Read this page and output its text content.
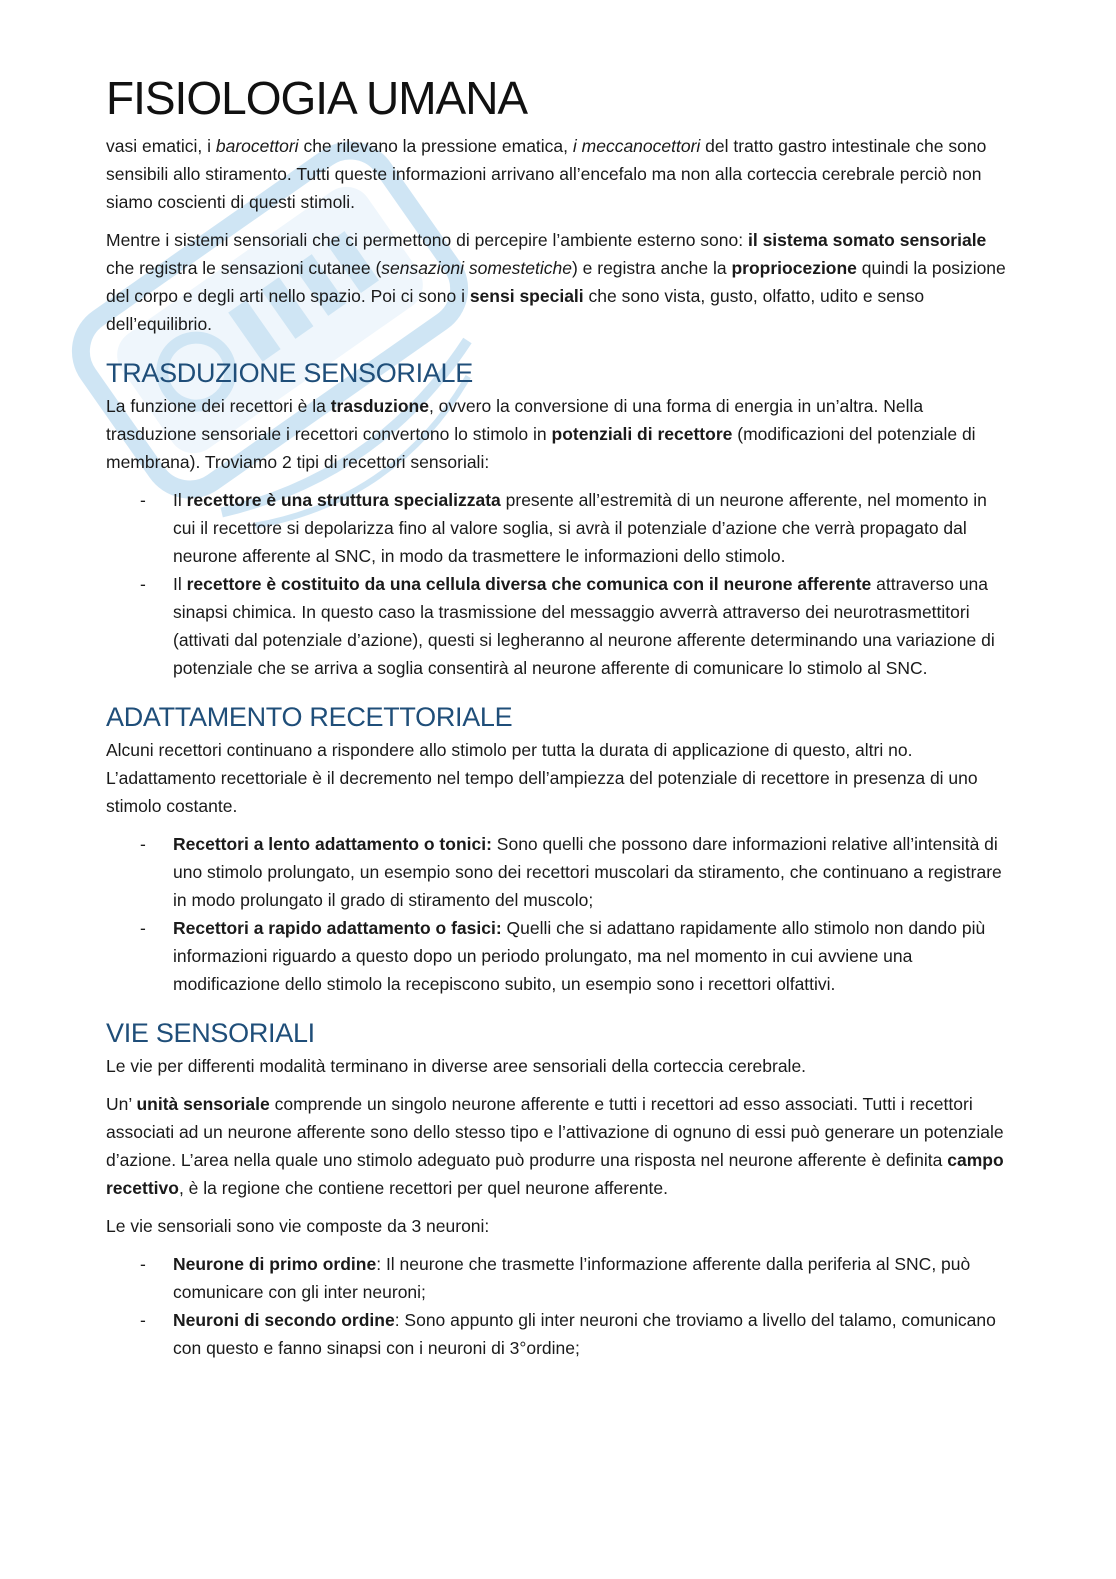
FISIOLOGIA UMANA

vasi ematici, i barocettori che rilevano la pressione ematica, i meccanocettori del tratto gastro intestinale che sono sensibili allo stiramento. Tutti queste informazioni arrivano all’encefalo ma non alla corteccia cerebrale perciò non siamo coscienti di questi stimoli.

Mentre i sistemi sensoriali che ci permettono di percepire l’ambiente esterno sono: il sistema somato sensoriale che registra le sensazioni cutanee (sensazioni somestetiche) e registra anche la propriocezione quindi la posizione del corpo e degli arti nello spazio. Poi ci sono i sensi speciali che sono vista, gusto, olfatto, udito e senso dell’equilibrio.

TRASDUZIONE SENSORIALE

La funzione dei recettori è la trasduzione, ovvero la conversione di una forma di energia in un’altra. Nella trasduzione sensoriale i recettori convertono lo stimolo in potenziali di recettore (modificazioni del potenziale di membrana). Troviamo 2 tipi di recettori sensoriali:

- Il recettore è una struttura specializzata presente all’estremità di un neurone afferente, nel momento in cui il recettore si depolarizza fino al valore soglia, si avrà il potenziale d’azione che verrà propagato dal neurone afferente al SNC, in modo da trasmettere le informazioni dello stimolo.
- Il recettore è costituito da una cellula diversa che comunica con il neurone afferente attraverso una sinapsi chimica. In questo caso la trasmissione del messaggio avverrà attraverso dei neurotrasmettitori (attivati dal potenziale d’azione), questi si legheranno al neurone afferente determinando una variazione di potenziale che se arriva a soglia consentirà al neurone afferente di comunicare lo stimolo al SNC.
ADATTAMENTO RECETTORIALE

Alcuni recettori continuano a rispondere allo stimolo per tutta la durata di applicazione di questo, altri no. L’adattamento recettoriale è il decremento nel tempo dell’ampiezza del potenziale di recettore in presenza di uno stimolo costante.

- Recettori a lento adattamento o tonici: Sono quelli che possono dare informazioni relative all’intensità di uno stimolo prolungato, un esempio sono dei recettori muscolari da stiramento, che continuano a registrare in modo prolungato il grado di stiramento del muscolo;
- Recettori a rapido adattamento o fasici: Quelli che si adattano rapidamente allo stimolo non dando più informazioni riguardo a questo dopo un periodo prolungato, ma nel momento in cui avviene una modificazione dello stimolo la recepiscono subito, un esempio sono i recettori olfattivi.
VIE SENSORIALI

Le vie per differenti modalità terminano in diverse aree sensoriali della corteccia cerebrale.

Un’ unità sensoriale comprende un singolo neurone afferente e tutti i recettori ad esso associati. Tutti i recettori associati ad un neurone afferente sono dello stesso tipo e l’attivazione di ognuno di essi può generare un potenziale d’azione. L’area nella quale uno stimolo adeguato può produrre una risposta nel neurone afferente è definita campo recettivo, è la regione che contiene recettori per quel neurone afferente.

Le vie sensoriali sono vie composte da 3 neuroni:

- Neurone di primo ordine: Il neurone che trasmette l’informazione afferente dalla periferia al SNC, può comunicare con gli inter neuroni;
- Neuroni di secondo ordine: Sono appunto gli inter neuroni che troviamo a livello del talamo, comunicano con questo e fanno sinapsi con i neuroni di 3°ordine;
